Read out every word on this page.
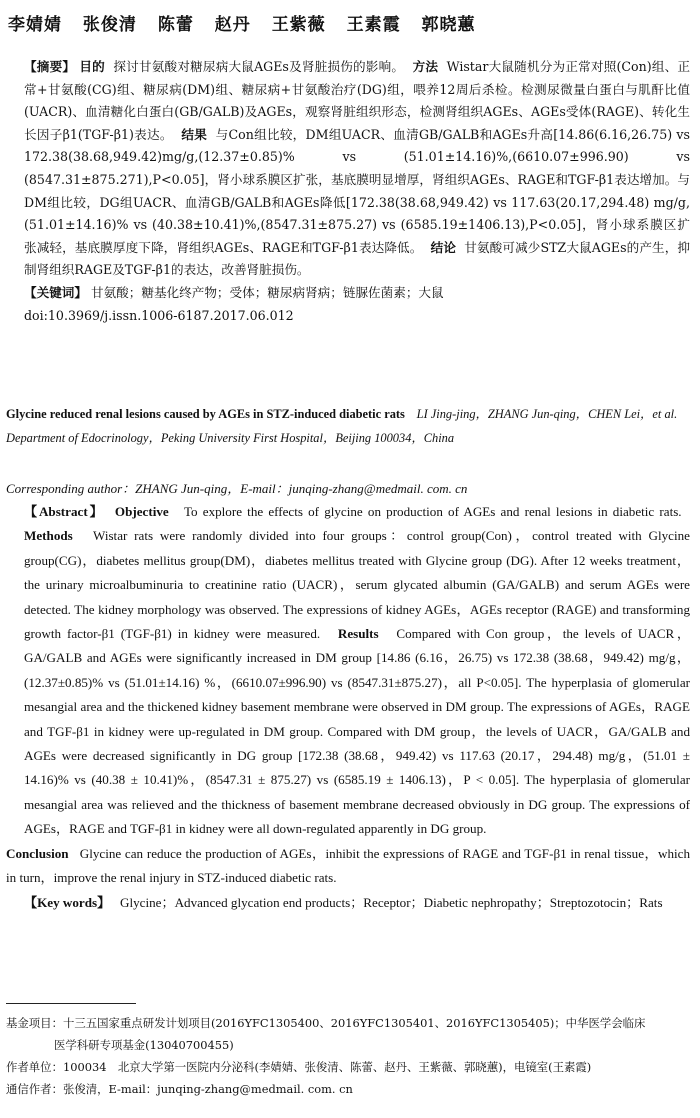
李婧婧 张俊清 陈蕾 赵丹 王紫薇 王素霞 郭晓蕙

【摘要】 目的 探讨甘氨酸对糖尿病大鼠AGEs及肾脏损伤的影响。 方法 Wistar大鼠随机分为正常对照(Con)组、正常+甘氨酸(CG)组、糖尿病(DM)组、糖尿病+甘氨酸治疗(DG)组，喂养12周后杀检。检测尿微量白蛋白与肌酐比值(UACR)、血清糖化白蛋白(GB/GALB)及AGEs，观察肾脏组织形态，检测肾组织AGEs、AGEs受体(RAGE)、转化生长因子β1(TGF-β1)表达。 结果 与Con组比较，DM组UACR、血清GB/GALB和AGEs升高[14.86(6.16,26.75) vs 172.38(38.68,949.42)mg/g,(12.37±0.85)% vs (51.01±14.16)%,(6610.07±996.90) vs (8547.31±875.271),P<0.05]，肾小球系膜区扩张，基底膜明显增厚，肾组织AGEs、RAGE和TGF-β1表达增加。与DM组比较，DG组UACR、血清GB/GALB和AGEs降低[172.38(38.68,949.42) vs 117.63(20.17,294.48) mg/g,(51.01±14.16)% vs (40.38±10.41)%,(8547.31±875.27) vs (6585.19±1406.13),P<0.05]，肾小球系膜区扩张减轻，基底膜厚度下降，肾组织AGEs、RAGE和TGF-β1表达降低。 结论 甘氨酸可减少STZ大鼠AGEs的产生，抑制肾组织RAGE及TGF-β1的表达，改善肾脏损伤。

【关键词】 甘氨酸；糖基化终产物；受体；糖尿病肾病；链脲佐菌素；大鼠

doi:10.3969/j.issn.1006-6187.2017.06.012

Glycine reduced renal lesions caused by AGEs in STZ-induced diabetic rats LI Jing-jing，ZHANG Jun-qing，CHEN Lei，et al. Department of Edocrinology，Peking University First Hospital，Beijing 100034，China
Corresponding author：ZHANG Jun-qing，E-mail：junqing-zhang@medmail. com. cn

【Abstract】 Objective To explore the effects of glycine on production of AGEs and renal lesions in diabetic rats.   Methods Wistar rats were randomly divided into four groups：control group(Con)，control treated with Glycine group(CG)，diabetes mellitus group(DM)，diabetes mellitus treated with Glycine group (DG). After 12 weeks treatment，the urinary microalbuminuria to creatinine ratio (UACR)，serum glycated albumin (GA/GALB) and serum AGEs were detected. The kidney morphology was observed. The expressions of kidney AGEs，AGEs receptor (RAGE) and transforming growth factor-β1 (TGF-β1) in kidney were measured. Results Compared with Con group，the levels of UACR，GA/GALB and AGEs were significantly increased in DM group [14.86 (6.16，26.75) vs 172.38 (38.68，949.42) mg/g，(12.37±0.85)% vs (51.01±14.16) %，(6610.07±996.90) vs (8547.31±875.27)，all P<0.05]. The hyperplasia of glomerular mesangial area and the thickened kidney basement membrane were observed in DM group. The expressions of AGEs，RAGE and TGF-β1 in kidney were up-regulated in DM group. Compared with DM group，the levels of UACR，GA/GALB and AGEs were decreased significantly in DG group [172.38 (38.68，949.42) vs 117.63 (20.17，294.48) mg/g，(51.01 ± 14.16)% vs (40.38 ± 10.41)%，(8547.31 ± 875.27) vs (6585.19 ± 1406.13)，P < 0.05]. The hyperplasia of glomerular mesangial area was relieved and the thickness of basement membrane decreased obviously in DG group. The expressions of AGEs，RAGE and TGF-β1 in kidney were all down-regulated apparently in DG group.

Conclusion Glycine can reduce the production of AGEs，inhibit the expressions of RAGE and TGF-β1 in renal tissue，which in turn，improve the renal injury in STZ-induced diabetic rats.

【Key words】 Glycine；Advanced glycation end products；Receptor；Diabetic nephropathy；Streptozotocin；Rats

基金项目：十三五国家重点研发计划项目(2016YFC1305400、2016YFC1305401、2016YFC1305405)；中华医学会临床

医学科研专项基金(13040700455)

作者单位：100034　北京大学第一医院内分泌科(李婧婧、张俊清、陈蕾、赵丹、王紫薇、郭晓蕙)，电镜室(王素霞)

通信作者：张俊清，E-mail：junqing-zhang@medmail. com. cn
